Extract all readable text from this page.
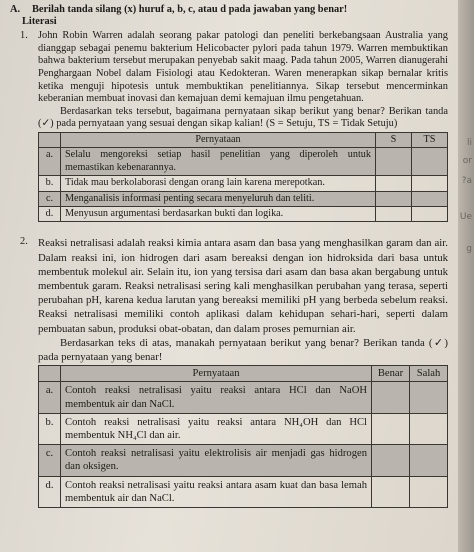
A.	Berilah tanda silang (x) huruf a, b, c, atau d pada jawaban yang benar!
Literasi
1. John Robin Warren adalah seorang pakar patologi dan peneliti berkebangsaan Australia yang dianggap sebagai penemu bakterium Helicobacter pylori pada tahun 1979. Warren membuktikan bahwa bakterium tersebut merupakan penyebab sakit maag. Pada tahun 2005, Warren dianugerahi Penghargaan Nobel dalam Fisiologi atau Kedokteran. Waren menerapkan sikap bernalar kritis ketika menguji hipotesis untuk membuktikan penelitiannya. Sikap tersebut mencerminkan keberanian membuat inovasi dan kemajuan demi kemajuan ilmu pengetahuan.

Berdasarkan teks tersebut, bagaimana pernyataan sikap berikut yang benar? Berikan tanda (✓) pada pernyataan yang sesuai dengan sikap kalian! (S = Setuju, TS = Tidak Setuju)

	Pernyataan	S	TS
a.	Selalu mengoreksi setiap hasil penelitian yang diperoleh untuk memastikan kebenarannya.		
b.	Tidak mau berkolaborasi dengan orang lain karena merepotkan.		
c.	Menganalisis informasi penting secara menyeluruh dan teliti.		
d.	Menyusun argumentasi berdasarkan bukti dan logika.		
2. Reaksi netralisasi adalah reaksi kimia antara asam dan basa yang menghasilkan garam dan air. Dalam reaksi ini, ion hidrogen dari asam bereaksi dengan ion hidroksida dari basa untuk membentuk molekul air. Selain itu, ion yang tersisa dari asam dan basa akan bergabung untuk membentuk garam. Reaksi netralisasi sering kali menghasilkan perubahan yang terasa, seperti perubahan pH, karena kedua larutan yang bereaksi memiliki pH yang berbeda sebelum reaksi. Reaksi netralisasi memiliki contoh aplikasi dalam kehidupan sehari-hari, seperti dalam pembuatan sabun, produksi obat-obatan, dan dalam proses pemurnian air.

Berdasarkan teks di atas, manakah pernyataan berikut yang benar? Berikan tanda (✓) pada pernyataan yang benar!

	Pernyataan	Benar	Salah
a.	Contoh reaksi netralisasi yaitu reaksi antara HCl dan NaOH membentuk air dan NaCl.		
b.	Contoh reaksi netralisasi yaitu reaksi antara NH₄OH dan HCl membentuk NH₄Cl dan air.		
c.	Contoh reaksi netralisasi yaitu elektrolisis air menjadi gas hidrogen dan oksigen.		
d.	Contoh reaksi netralisasi yaitu reaksi antara asam kuat dan basa lemah membentuk air dan NaCl.		
li
or
?a
Ue
g
